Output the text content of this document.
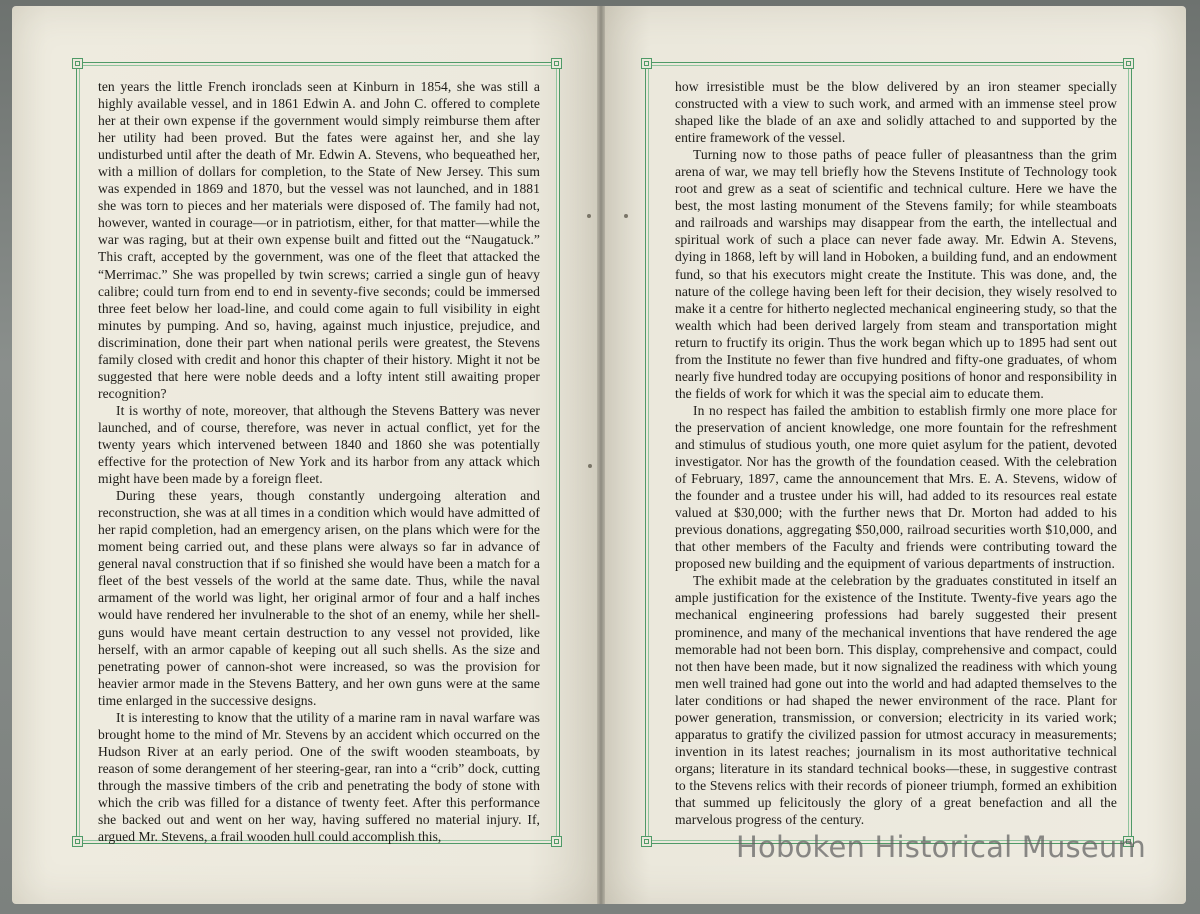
ten years the little French ironclads seen at Kinburn in 1854, she was still a highly available vessel, and in 1861 Edwin A. and John C. offered to complete her at their own expense if the government would simply reimburse them after her utility had been proved. But the fates were against her, and she lay undisturbed until after the death of Mr. Edwin A. Stevens, who bequeathed her, with a million of dollars for completion, to the State of New Jersey. This sum was expended in 1869 and 1870, but the vessel was not launched, and in 1881 she was torn to pieces and her materials were disposed of. The family had not, however, wanted in courage—or in patriotism, either, for that matter—while the war was raging, but at their own expense built and fitted out the “Naugatuck.” This craft, accepted by the government, was one of the fleet that attacked the “Merrimac.” She was propelled by twin screws; carried a single gun of heavy calibre; could turn from end to end in seventy-five seconds; could be immersed three feet below her load-line, and could come again to full visibility in eight minutes by pumping. And so, having, against much injustice, prejudice, and discrimination, done their part when national perils were greatest, the Stevens family closed with credit and honor this chapter of their history. Might it not be suggested that here were noble deeds and a lofty intent still awaiting proper recognition?

It is worthy of note, moreover, that although the Stevens Battery was never launched, and of course, therefore, was never in actual conflict, yet for the twenty years which intervened between 1840 and 1860 she was potentially effective for the protection of New York and its harbor from any attack which might have been made by a foreign fleet.

During these years, though constantly undergoing alteration and reconstruction, she was at all times in a condition which would have admitted of her rapid completion, had an emergency arisen, on the plans which were for the moment being carried out, and these plans were always so far in advance of general naval construction that if so finished she would have been a match for a fleet of the best vessels of the world at the same date. Thus, while the naval armament of the world was light, her original armor of four and a half inches would have rendered her invulnerable to the shot of an enemy, while her shell-guns would have meant certain destruction to any vessel not provided, like herself, with an armor capable of keeping out all such shells. As the size and penetrating power of cannon-shot were increased, so was the provision for heavier armor made in the Stevens Battery, and her own guns were at the same time enlarged in the successive designs.

It is interesting to know that the utility of a marine ram in naval warfare was brought home to the mind of Mr. Stevens by an accident which occurred on the Hudson River at an early period. One of the swift wooden steamboats, by reason of some derangement of her steering-gear, ran into a “crib” dock, cutting through the massive timbers of the crib and penetrating the body of stone with which the crib was filled for a distance of twenty feet. After this performance she backed out and went on her way, having suffered no material injury. If, argued Mr. Stevens, a frail wooden hull could accomplish this,

how irresistible must be the blow delivered by an iron steamer specially constructed with a view to such work, and armed with an immense steel prow shaped like the blade of an axe and solidly attached to and supported by the entire framework of the vessel.

Turning now to those paths of peace fuller of pleasantness than the grim arena of war, we may tell briefly how the Stevens Institute of Technology took root and grew as a seat of scientific and technical culture. Here we have the best, the most lasting monument of the Stevens family; for while steamboats and railroads and warships may disappear from the earth, the intellectual and spiritual work of such a place can never fade away. Mr. Edwin A. Stevens, dying in 1868, left by will land in Hoboken, a building fund, and an endowment fund, so that his executors might create the Institute. This was done, and, the nature of the college having been left for their decision, they wisely resolved to make it a centre for hitherto neglected mechanical engineering study, so that the wealth which had been derived largely from steam and transportation might return to fructify its origin. Thus the work began which up to 1895 had sent out from the Institute no fewer than five hundred and fifty-one graduates, of whom nearly five hundred today are occupying positions of honor and responsibility in the fields of work for which it was the special aim to educate them.

In no respect has failed the ambition to establish firmly one more place for the preservation of ancient knowledge, one more fountain for the refreshment and stimulus of studious youth, one more quiet asylum for the patient, devoted investigator. Nor has the growth of the foundation ceased. With the celebration of February, 1897, came the announcement that Mrs. E. A. Stevens, widow of the founder and a trustee under his will, had added to its resources real estate valued at $30,000; with the further news that Dr. Morton had added to his previous donations, aggregating $50,000, railroad securities worth $10,000, and that other members of the Faculty and friends were contributing toward the proposed new building and the equipment of various departments of instruction.

The exhibit made at the celebration by the graduates constituted in itself an ample justification for the existence of the Institute. Twenty-five years ago the mechanical engineering professions had barely suggested their present prominence, and many of the mechanical inventions that have rendered the age memorable had not been born. This display, comprehensive and compact, could not then have been made, but it now signalized the readiness with which young men well trained had gone out into the world and had adapted themselves to the later conditions or had shaped the newer environment of the race. Plant for power generation, transmission, or conversion; electricity in its varied work; apparatus to gratify the civilized passion for utmost accuracy in measurements; invention in its latest reaches; journalism in its most authoritative technical organs; literature in its standard technical books—these, in suggestive contrast to the Stevens relics with their records of pioneer triumph, formed an exhibition that summed up felicitously the glory of a great benefaction and all the marvelous progress of the century.

Hoboken Historical Museum
